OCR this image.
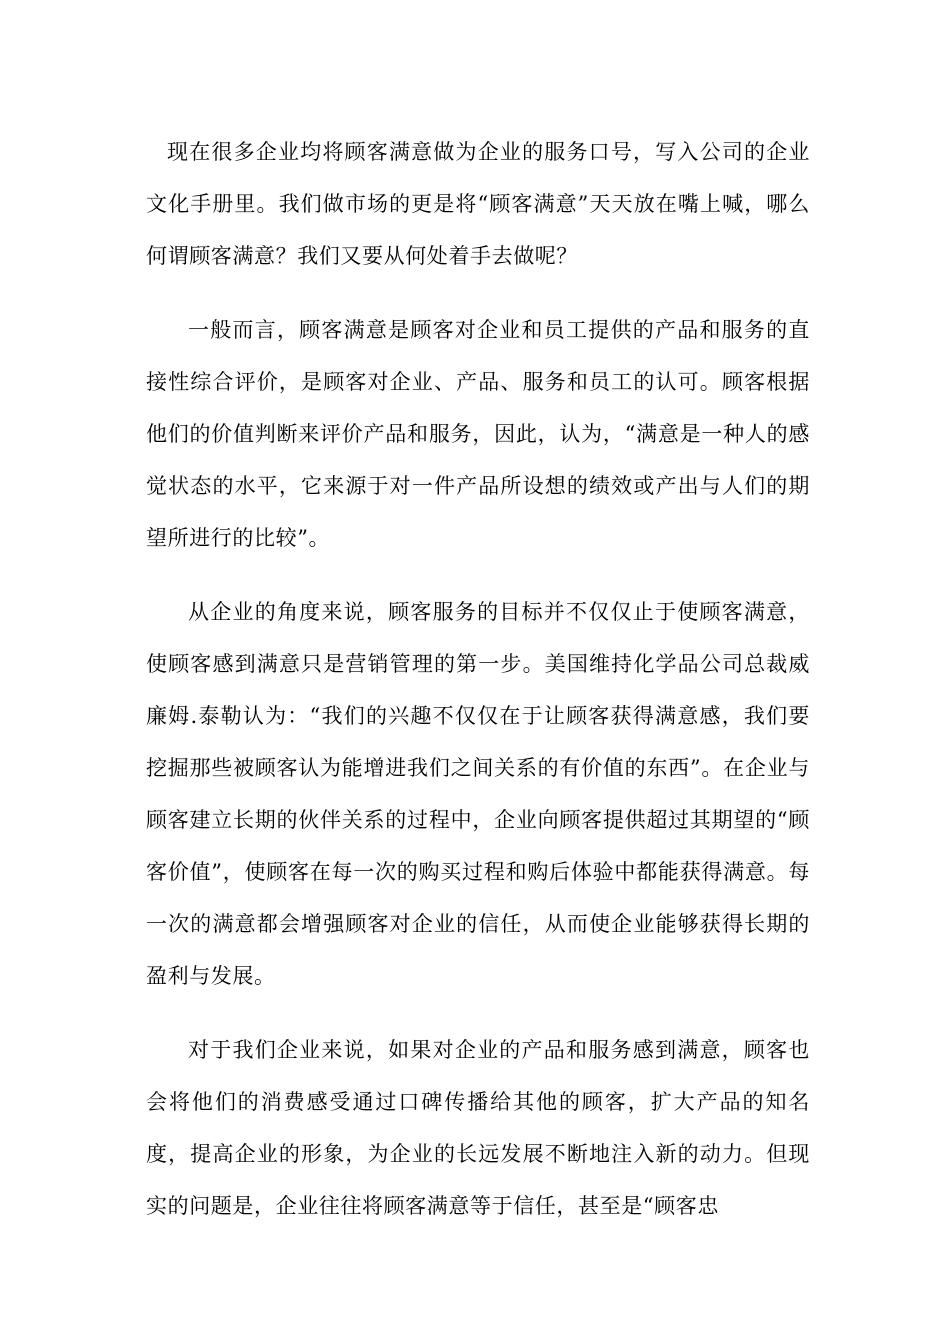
现在很多企业均将顾客满意做为企业的服务口号，写入公司的企业文化手册里。我们做市场的更是将“顾客满意”天天放在嘴上喊，哪么何谓顾客满意？我们又要从何处着手去做呢？

一般而言，顾客满意是顾客对企业和员工提供的产品和服务的直接性综合评价，是顾客对企业、产品、服务和员工的认可。顾客根据他们的价值判断来评价产品和服务，因此，认为，“满意是一种人的感觉状态的水平，它来源于对一件产品所设想的绩效或产出与人们的期望所进行的比较”。

从企业的角度来说，顾客服务的目标并不仅仅止于使顾客满意，使顾客感到满意只是营销管理的第一步。美国维持化学品公司总裁威廉姆.泰勒认为：“我们的兴趣不仅仅在于让顾客获得满意感，我们要挖掘那些被顾客认为能增进我们之间关系的有价值的东西”。在企业与顾客建立长期的伙伴关系的过程中，企业向顾客提供超过其期望的“顾客价值”，使顾客在每一次的购买过程和购后体验中都能获得满意。每一次的满意都会增强顾客对企业的信任，从而使企业能够获得长期的盈利与发展。

对于我们企业来说，如果对企业的产品和服务感到满意，顾客也会将他们的消费感受通过口碑传播给其他的顾客，扩大产品的知名度，提高企业的形象，为企业的长远发展不断地注入新的动力。但现实的问题是，企业往往将顾客满意等于信任，甚至是“顾客忠
